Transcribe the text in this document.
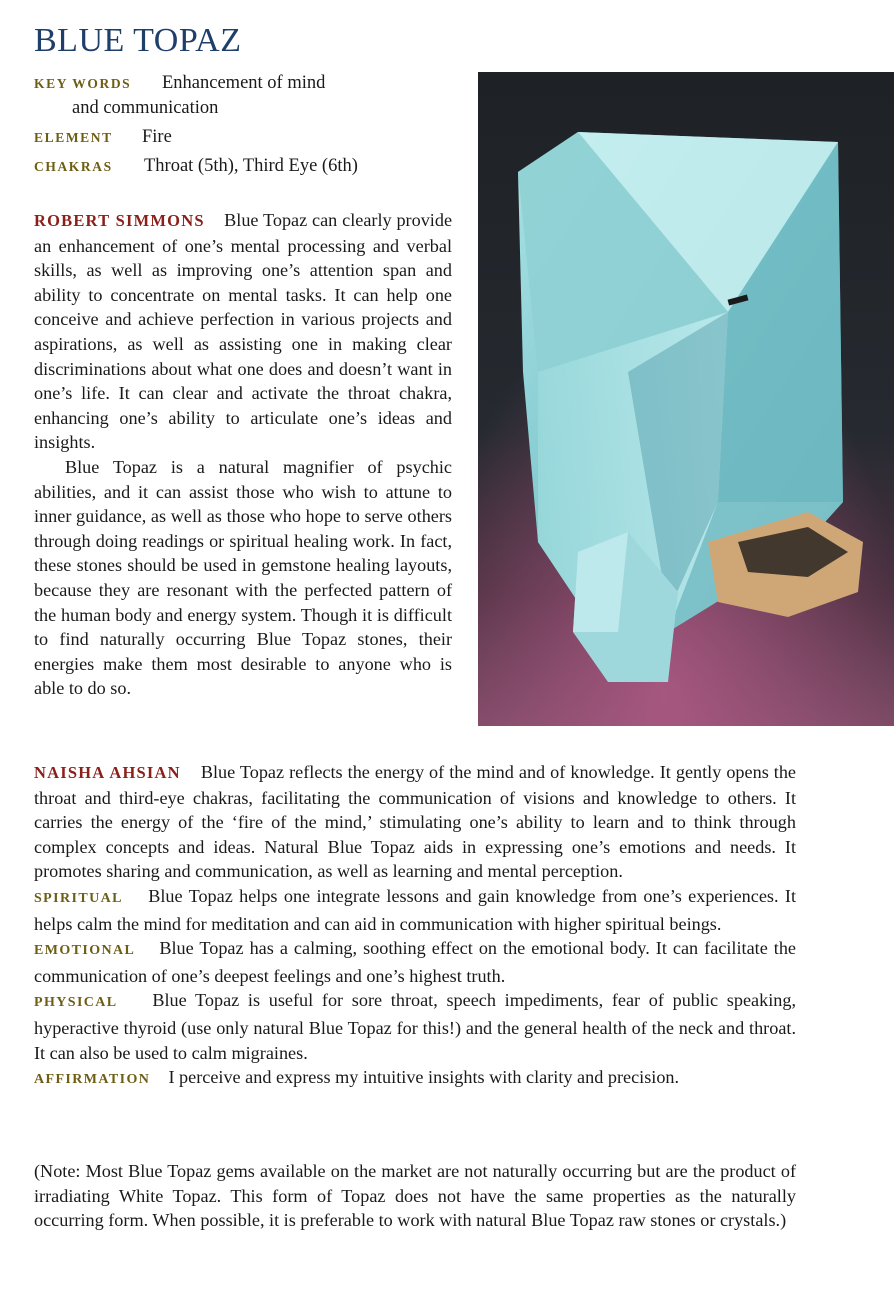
BLUE TOPAZ
KEY WORDS Enhancement of mind
and communication
ELEMENT Fire
CHAKRAS Throat (5th), Third Eye (6th)

ROBERT SIMMONS Blue Topaz can clearly provide an enhancement of one’s mental processing and verbal skills, as well as improving one’s attention span and ability to concentrate on mental tasks. It can help one conceive and achieve perfection in various projects and aspirations, as well as assisting one in making clear discriminations about what one does and doesn’t want in one’s life. It can clear and activate the throat chakra, enhancing one’s ability to articulate one’s ideas and insights.

Blue Topaz is a natural magnifier of psychic abilities, and it can assist those who wish to attune to inner guidance, as well as those who hope to serve others through doing readings or spiritual healing work. In fact, these stones should be used in gemstone healing layouts, because they are resonant with the perfected pattern of the human body and energy system. Though it is difficult to find naturally occurring Blue Topaz stones, their energies make them most desirable to anyone who is able to do so.

NAISHA AHSIAN Blue Topaz reflects the energy of the mind and of knowledge. It gently opens the throat and third-eye chakras, facilitating the communication of visions and knowledge to others. It carries the energy of the ‘fire of the mind,’ stimulating one’s ability to learn and to think through complex concepts and ideas. Natural Blue Topaz aids in expressing one’s emotions and needs. It promotes sharing and communication, as well as learning and mental perception.

SPIRITUAL Blue Topaz helps one integrate lessons and gain knowledge from one’s experiences. It helps calm the mind for meditation and can aid in communication with higher spiritual beings.

EMOTIONAL Blue Topaz has a calming, soothing effect on the emotional body. It can facilitate the communication of one’s deepest feelings and one’s highest truth.

PHYSICAL Blue Topaz is useful for sore throat, speech impediments, fear of public speaking, hyperactive thyroid (use only natural Blue Topaz for this!) and the general health of the neck and throat. It can also be used to calm migraines.

AFFIRMATION I perceive and express my intuitive insights with clarity and precision.

(Note: Most Blue Topaz gems available on the market are not naturally occurring but are the product of irradiating White Topaz. This form of Topaz does not have the same properties as the naturally occurring form. When possible, it is preferable to work with natural Blue Topaz raw stones or crystals.)
